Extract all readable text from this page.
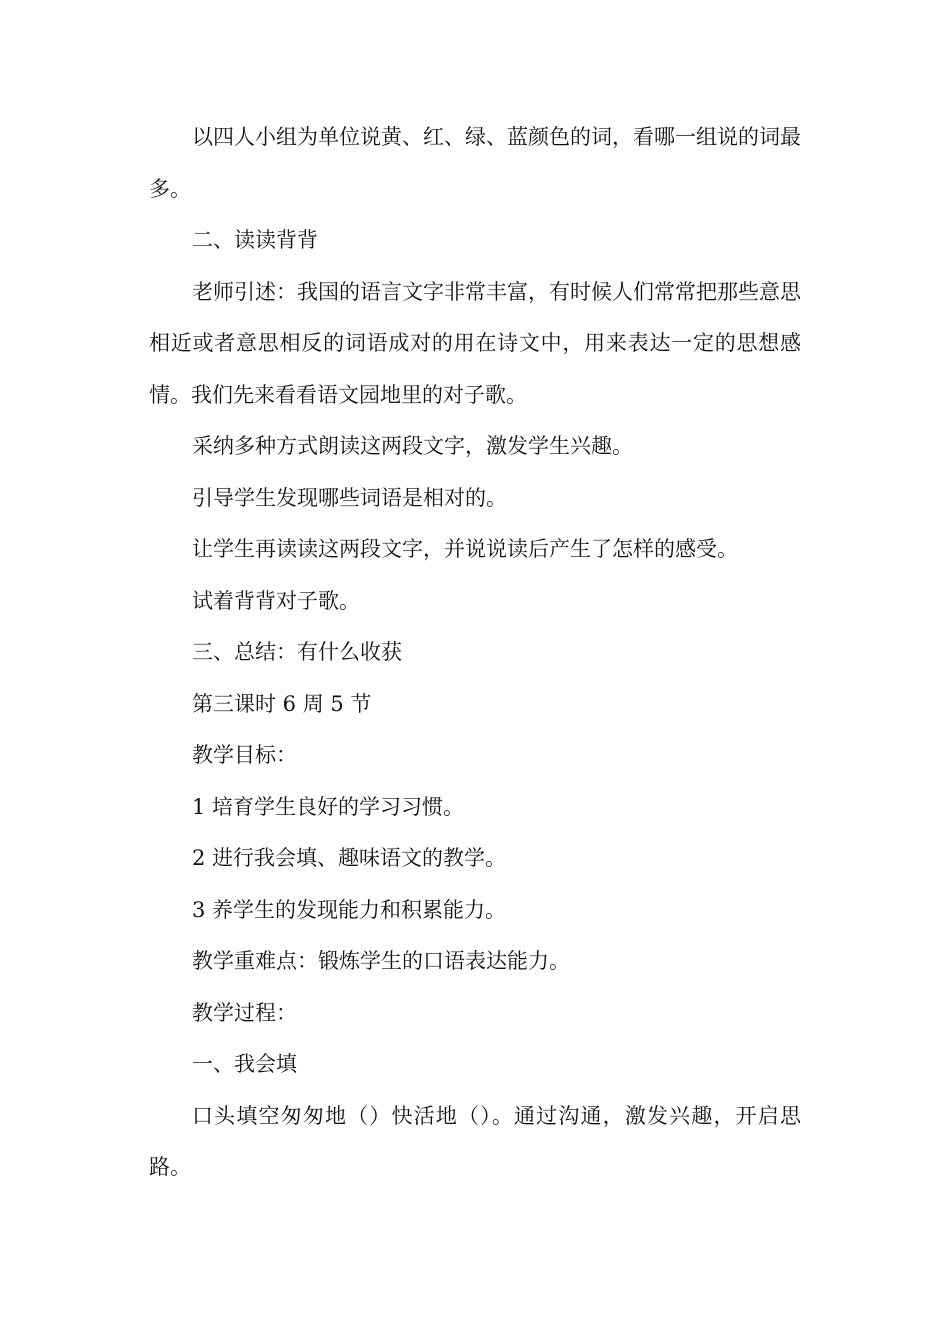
以四人小组为单位说黄、红、绿、蓝颜色的词，看哪一组说的词最多。

二、读读背背

老师引述：我国的语言文字非常丰富，有时候人们常常把那些意思相近或者意思相反的词语成对的用在诗文中，用来表达一定的思想感情。我们先来看看语文园地里的对子歌。

采纳多种方式朗读这两段文字，激发学生兴趣。

引导学生发现哪些词语是相对的。

让学生再读读这两段文字，并说说读后产生了怎样的感受。

试着背背对子歌。

三、总结：有什么收获

第三课时 6 周 5 节

教学目标：

1 培育学生良好的学习习惯。

2 进行我会填、趣味语文的教学。

3 养学生的发现能力和积累能力。

教学重难点：锻炼学生的口语表达能力。

教学过程：

一、我会填

口头填空匆匆地（）快活地（）。通过沟通，激发兴趣，开启思路。
